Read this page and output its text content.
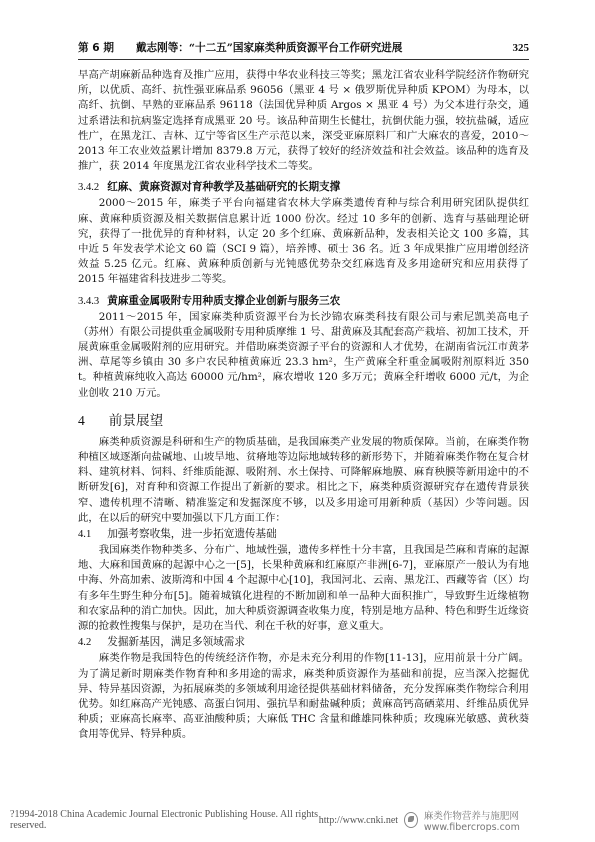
第 6 期 戴志刚等：“十二五”国家麻类种质资源平台工作研究进展	325

早高产胡麻新品种选育及推广应用，获得中华农业科技三等奖；黑龙江省农业科学院经济作物研究所，以优质、高纤、抗性强亚麻品系 96056（黑亚 4 号 × 俄罗斯优异种质 KPOM）为母本，以高纤、抗倒、早熟的亚麻品系 96118（法国优异种质 Argos × 黑亚 4 号）为父本进行杂交，通过系谱法和抗病鉴定选择育成黑亚 20 号。该品种苗期生长健壮，抗倒伏能力强，较抗盐碱，适应性广，在黑龙江、吉林、辽宁等省区生产示范以来，深受亚麻原料厂和广大麻农的喜爱，2010～2013 年工农业效益累计增加 8379.8 万元，获得了较好的经济效益和社会效益。该品种的选育及推广，获 2014 年度黑龙江省农业科学技术二等奖。

3.4.2 红麻、黄麻资源对育种教学及基础研究的长期支撑

2000～2015 年，麻类子平台向福建省农林大学麻类遗传育种与综合利用研究团队提供红麻、黄麻种质资源及相关数据信息累计近 1000 份次。经过 10 多年的创新、选育与基础理论研究，获得了一批优异的育种材料，认定 20 多个红麻、黄麻新品种，发表相关论文 100 多篇，其中近 5 年发表学术论文 60 篇（SCI 9 篇），培养博、硕士 36 名。近 3 年成果推广应用增创经济效益 5.25 亿元。红麻、黄麻种质创新与光钝感优势杂交红麻选育及多用途研究和应用获得了 2015 年福建省科技进步二等奖。

3.4.3 黄麻重金属吸附专用种质支撑企业创新与服务三农

2011～2015 年，国家麻类种质资源平台为长沙锦农麻类科技有限公司与索尼凯美高电子（苏州）有限公司提供重金属吸附专用种质摩维 1 号、甜黄麻及其配套高产栽培、初加工技术，开展黄麻重金属吸附剂的应用研究。并借助麻类资源子平台的资源和人才优势，在湖南省沅江市黄茅洲、草尾等乡镇由 30 多户农民种植黄麻近 23.3 hm²，生产黄麻全秆重金属吸附剂原料近 350 t。种植黄麻纯收入高达 60000 元/hm²，麻农增收 120 多万元；黄麻全秆增收 6000 元/t，为企业创收 210 万元。

4 前景展望

麻类种质资源是科研和生产的物质基础，是我国麻类产业发展的物质保障。当前，在麻类作物种植区域逐渐向盐碱地、山坡旱地、贫瘠地等边际地域转移的新形势下，并随着麻类作物在复合材料、建筑材料、饲料、纤维质能源、吸附剂、水土保持、可降解麻地膜、麻育秧膜等新用途中的不断研发[6]，对育种和资源工作提出了新新的要求。相比之下，麻类种质资源研究存在遗传背景狭窄、遗传机理不清晰、精准鉴定和发掘深度不够，以及多用途可用新种质（基因）少等问题。因此，在以后的研究中要加强以下几方面工作：

4.1 加强考察收集，进一步拓宽遗传基础

我国麻类作物种类多、分布广、地域性强，遗传多样性十分丰富，且我国是苎麻和青麻的起源地、大麻和国黄麻的起源中心之一[5]，长果种黄麻和红麻原产非洲[6-7]，亚麻原产一般认为有地中海、外高加索、波斯湾和中国 4 个起源中心[10]，我国河北、云南、黑龙江、西藏等省（区）均有多年生野生种分布[5]。随着城镇化进程的不断加剧和单一品种大面积推广，导致野生近缘植物和农家品种的消亡加快。因此，加大种质资源调查收集力度，特别是地方品种、特色和野生近缘资源的抢救性搜集与保护，是功在当代、利在千秋的好事，意义重大。

4.2 发掘新基因，满足多领域需求

麻类作物是我国特色的传统经济作物，亦是未充分利用的作物[11-13]，应用前景十分广阔。为了满足新时期麻类作物育种和多用途的需求，麻类种质资源作为基础和前提，应当深入挖掘优异、特异基因资源，为拓展麻类的多领域利用途径提供基础材料储备，充分发挥麻类作物综合利用优势。如红麻高产光钝感、高蛋白饲用、强抗旱和耐盐碱种质；黄麻高钙高硒菜用、纤维品质优异种质；亚麻高长麻率、高亚油酸种质；大麻低 THC 含量和雌雄同株种质；玫瑰麻光敏感、黄秋葵食用等优异、特异种质。

?1994-2018 China Academic Journal Electronic Publishing House. All rights reserved.	http://www.cnki.net	麻类作物营养与施肥网 www.fibercrops.com
